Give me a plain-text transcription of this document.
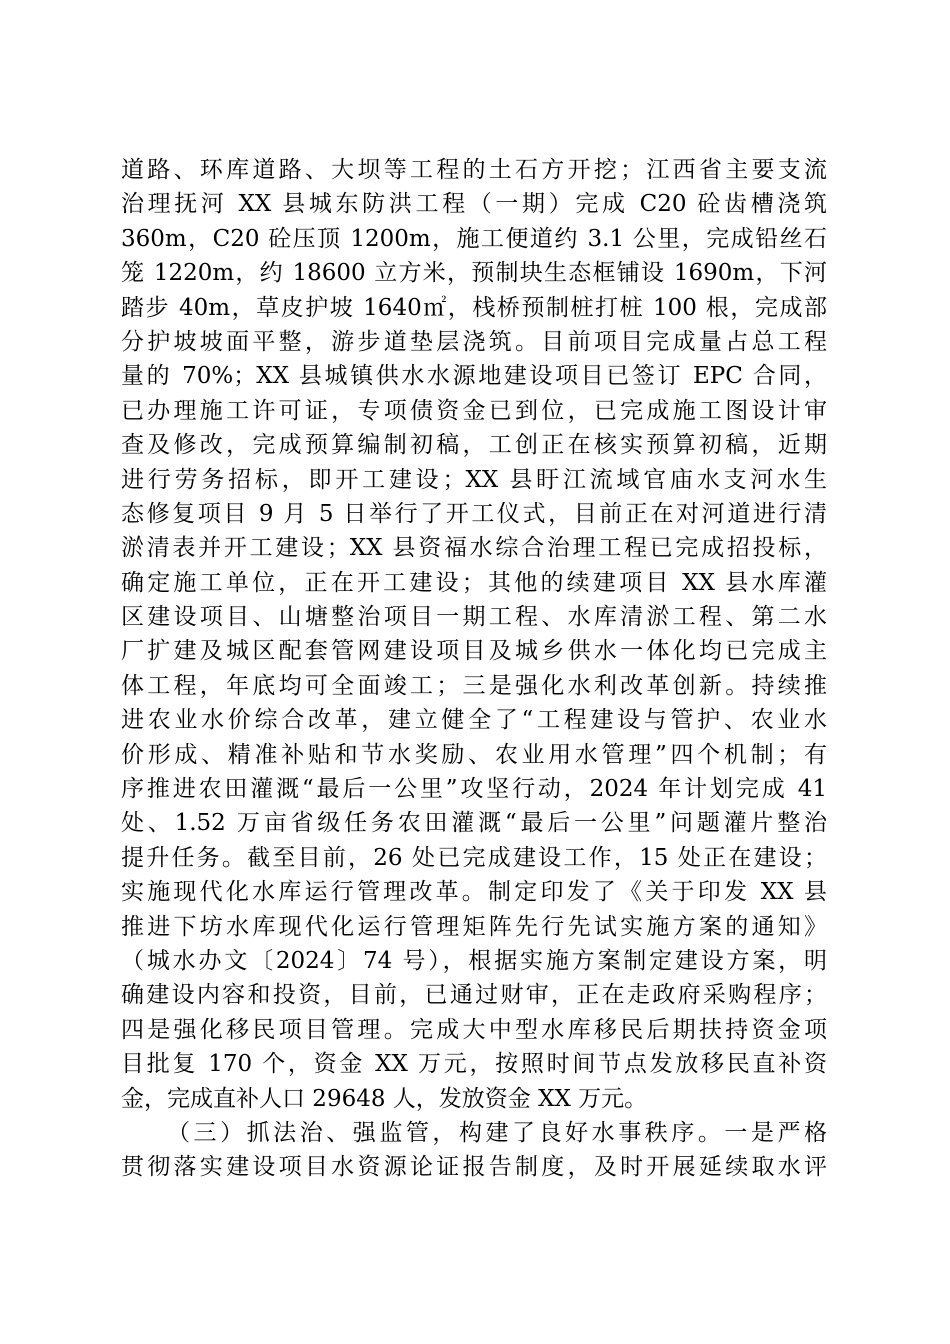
道路、环库道路、大坝等工程的土石方开挖；江西省主要支流
治理抚河 XX 县城东防洪工程（一期）完成 C20 砼齿槽浇筑
360m，C20 砼压顶 1200m，施工便道约 3.1 公里，完成铅丝石
笼 1220m，约 18600 立方米，预制块生态框铺设 1690m，下河
踏步 40m，草皮护坡 1640㎡，栈桥预制桩打桩 100 根，完成部
分护坡坡面平整，游步道垫层浇筑。目前项目完成量占总工程
量的 70%；XX 县城镇供水水源地建设项目已签订 EPC 合同，
已办理施工许可证，专项债资金已到位，已完成施工图设计审
查及修改，完成预算编制初稿，工创正在核实预算初稿，近期
进行劳务招标，即开工建设；XX 县盱江流域官庙水支河水生
态修复项目 9 月 5 日举行了开工仪式，目前正在对河道进行清
淤清表并开工建设；XX 县资福水综合治理工程已完成招投标，
确定施工单位，正在开工建设；其他的续建项目 XX 县水库灌
区建设项目、山塘整治项目一期工程、水库清淤工程、第二水
厂扩建及城区配套管网建设项目及城乡供水一体化均已完成主
体工程，年底均可全面竣工；三是强化水利改革创新。持续推
进农业水价综合改革，建立健全了“工程建设与管护、农业水
价形成、精准补贴和节水奖励、农业用水管理”四个机制；有
序推进农田灌溉“最后一公里”攻坚行动，2024 年计划完成 41
处、1.52 万亩省级任务农田灌溉“最后一公里”问题灌片整治
提升任务。截至目前，26 处已完成建设工作，15 处正在建设；
实施现代化水库运行管理改革。制定印发了《关于印发 XX 县
推进下坊水库现代化运行管理矩阵先行先试实施方案的通知》
（城水办文〔2024〕74 号），根据实施方案制定建设方案，明
确建设内容和投资，目前，已通过财审，正在走政府采购程序；
四是强化移民项目管理。完成大中型水库移民后期扶持资金项
目批复 170 个，资金 XX 万元，按照时间节点发放移民直补资
金，完成直补人口 29648 人，发放资金 XX 万元。
（三）抓法治、强监管，构建了良好水事秩序。一是严格
贯彻落实建设项目水资源论证报告制度，及时开展延续取水评
